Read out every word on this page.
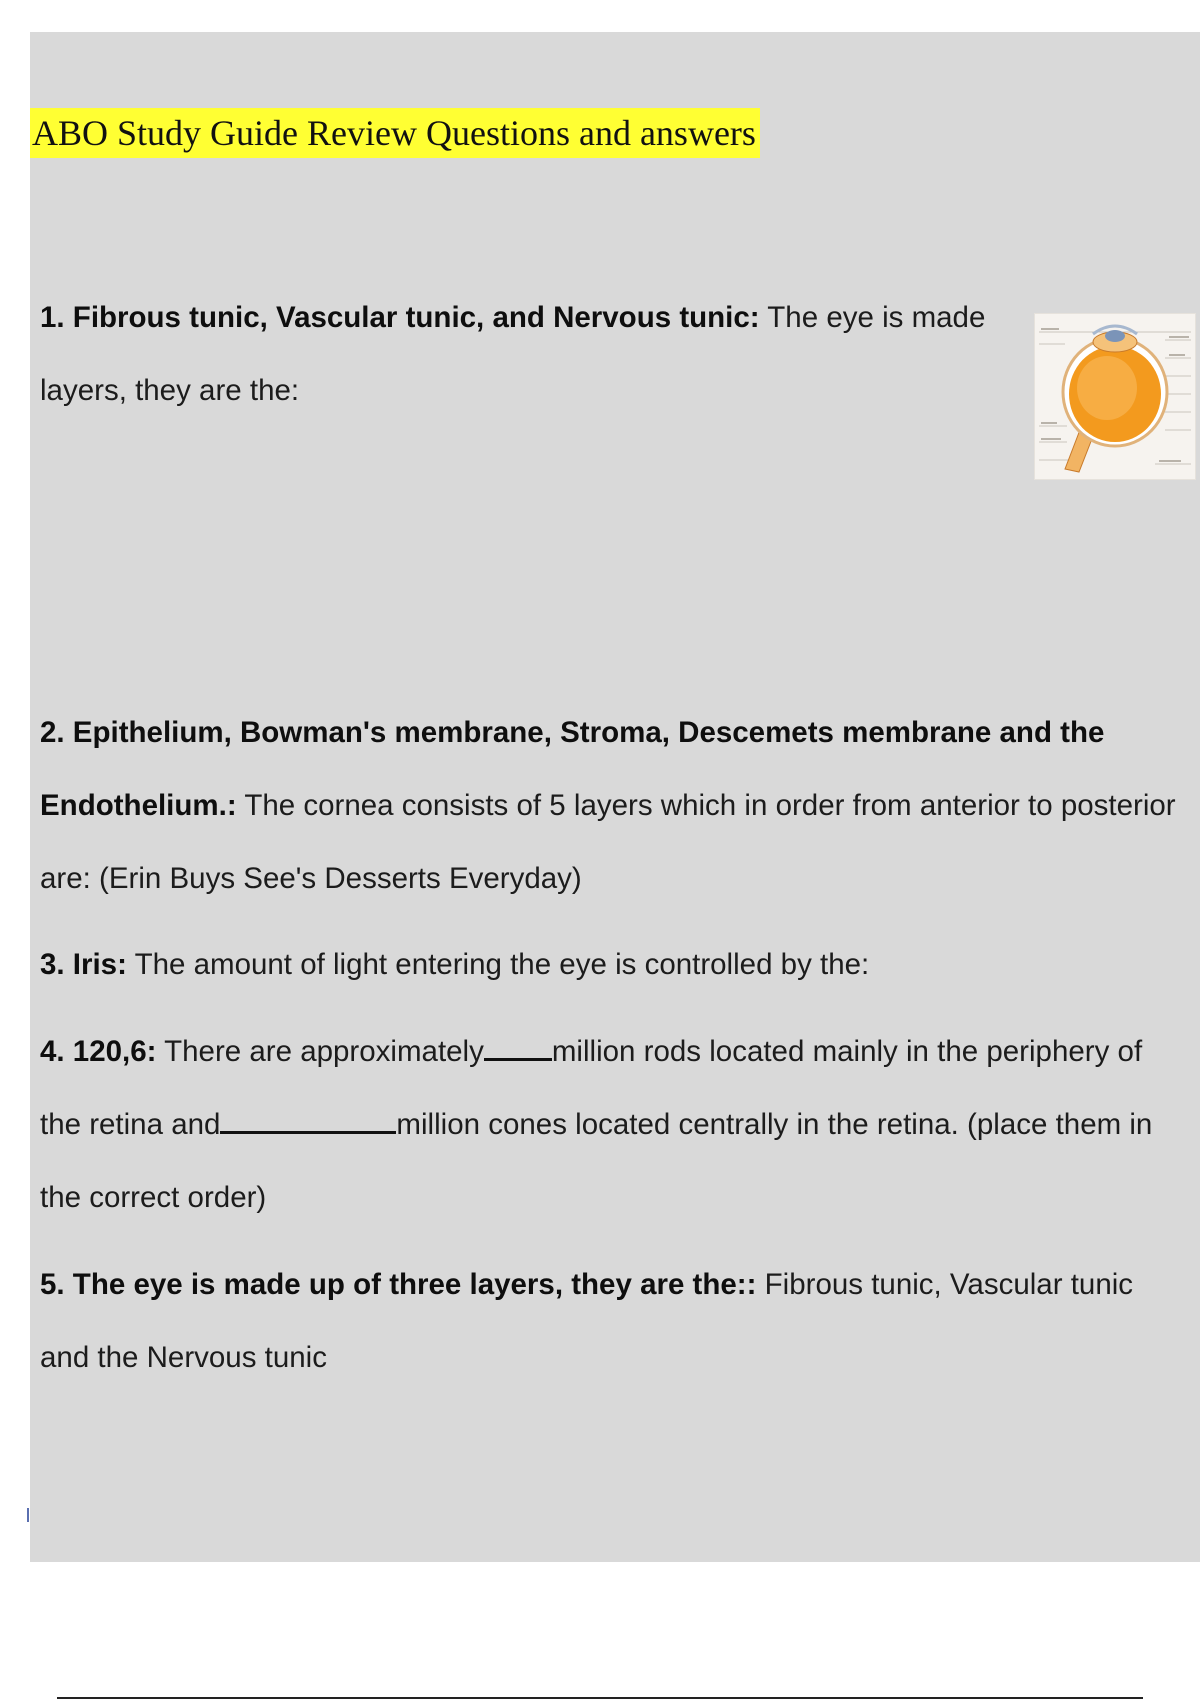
ABO Study Guide Review Questions and answers
1. Fibrous tunic, Vascular tunic, and Nervous tunic: The eye is made layers, they are the:
2. Epithelium, Bowman's membrane, Stroma, Descemets membrane and the Endothelium.: The cornea consists of 5 layers which in order from anterior to posterior are: (Erin Buys See's Desserts Everyday)
3. Iris: The amount of light entering the eye is controlled by the:
4. 120,6: There are approximately million rods located mainly in the periphery of the retina and	million cones located centrally in the retina. (place them in the correct order)
5. The eye is made up of three layers, they are the:: Fibrous tunic, Vascular tunic and the Nervous tunic
